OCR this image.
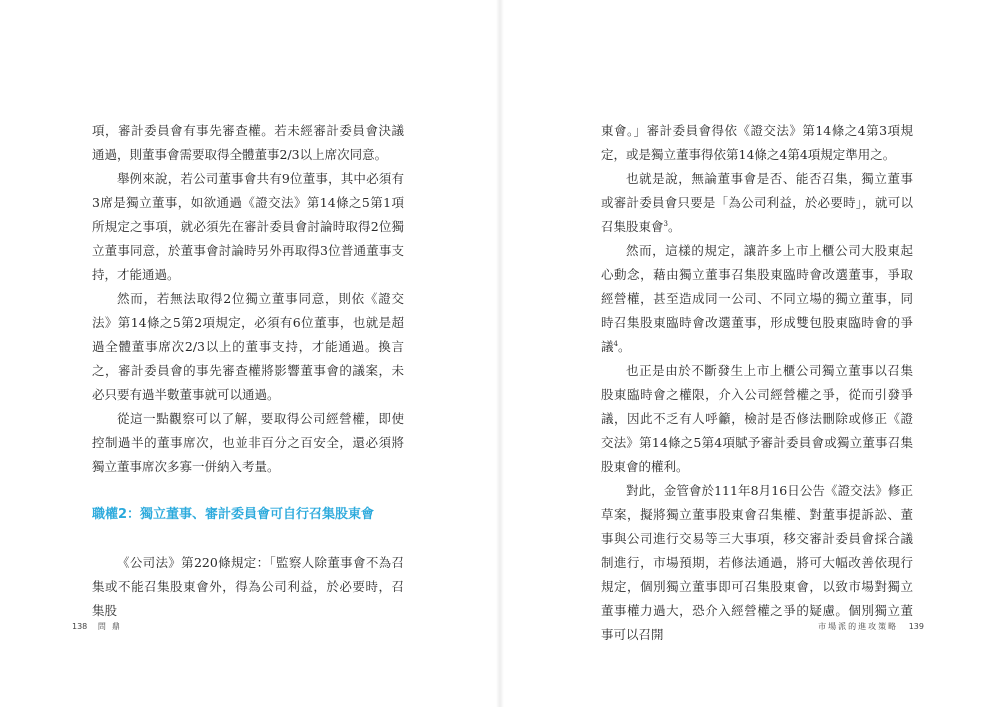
項，審計委員會有事先審查權。若未經審計委員會決議通過，則董事會需要取得全體董事2/3以上席次同意。

舉例來說，若公司董事會共有9位董事，其中必須有3席是獨立董事，如欲通過《證交法》第14條之5第1項所規定之事項，就必須先在審計委員會討論時取得2位獨立董事同意，於董事會討論時另外再取得3位普通董事支持，才能通過。

然而，若無法取得2位獨立董事同意，則依《證交法》第14條之5第2項規定，必須有6位董事，也就是超過全體董事席次2/3以上的董事支持，才能通過。換言之，審計委員會的事先審查權將影響董事會的議案，未必只要有過半數董事就可以通過。

從這一點觀察可以了解，要取得公司經營權，即使控制過半的董事席次，也並非百分之百安全，還必須將獨立董事席次多寡一併納入考量。

職權2：獨立董事、審計委員會可自行召集股東會

《公司法》第220條規定：「監察人除董事會不為召集或不能召集股東會外，得為公司利益，於必要時，召集股

138 問鼎

東會。」審計委員會得依《證交法》第14條之4第3項規定，或是獨立董事得依第14條之4第4項規定準用之。

也就是說，無論董事會是否、能否召集，獨立董事或審計委員會只要是「為公司利益，於必要時」，就可以召集股東會$^3$。

然而，這樣的規定，讓許多上市上櫃公司大股東起心動念，藉由獨立董事召集股東臨時會改選董事，爭取經營權，甚至造成同一公司、不同立場的獨立董事，同時召集股東臨時會改選董事，形成雙包股東臨時會的爭議$^4$。

也正是由於不斷發生上市上櫃公司獨立董事以召集股東臨時會之權限，介入公司經營權之爭，從而引發爭議，因此不乏有人呼籲，檢討是否修法刪除或修正《證交法》第14條之5第4項賦予審計委員會或獨立董事召集股東會的權利。

對此，金管會於111年8月16日公告《證交法》修正草案，擬將獨立董事股東會召集權、對董事提訴訟、董事與公司進行交易等三大事項，移交審計委員會採合議制進行，市場預期，若修法通過，將可大幅改善依現行規定，個別獨立董事即可召集股東會，以致市場對獨立董事權力過大，恐介入經營權之爭的疑慮。個別獨立董事可以召開

市場派的進攻策略 139
